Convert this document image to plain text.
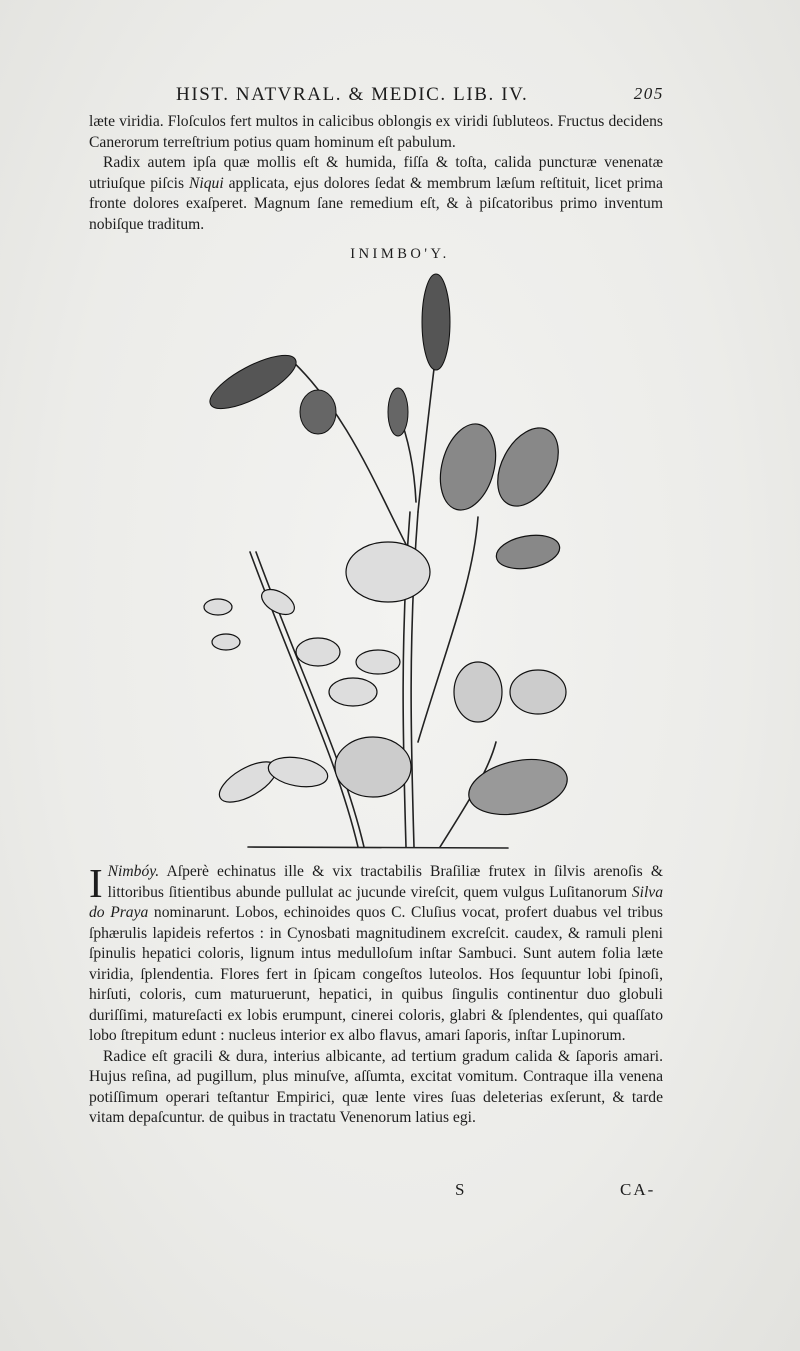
HIST. NATVRAL. & MEDIC. LIB. IV.	205

læte viridia. Floſculos fert multos in calicibus oblongis ex viridi ſubluteos. Fructus decidens Canerorum terreſtrium potius quam hominum eſt pabulum.

Radix autem ipſa quæ mollis eſt & humida, fiſſa & toſta, calida puncturæ venenatæ utriuſque piſcis Niqui applicata, ejus dolores ſedat & membrum læſum reſtituit, licet prima fronte dolores exaſperet. Magnum ſane remedium eſt, & à piſcatoribus primo inventum nobiſque traditum.

INIMBO'Y.

I Nimbóy. Aſperè echinatus ille & vix tractabilis Braſiliæ frutex in ſilvis arenoſis & littoribus ſitientibus abunde pullulat ac jucunde vireſcit, quem vulgus Luſitanorum Silva do Praya nominarunt. Lobos, echinoides quos C. Cluſius vocat, profert duabus vel tribus ſphærulis lapideis refertos : in Cynosbati magnitudinem excreſcit. caudex, & ramuli pleni ſpinulis hepatici coloris, lignum intus medulloſum inſtar Sambuci. Sunt autem folia læte viridia, ſplendentia. Flores fert in ſpicam congeſtos luteolos. Hos ſequuntur lobi ſpinoſi, hirſuti, coloris, cum maturuerunt, hepatici, in quibus ſingulis continentur duo globuli duriſſimi, matureſacti ex lobis erumpunt, cinerei coloris, glabri & ſplendentes, qui quaſſato lobo ſtrepitum edunt : nucleus interior ex albo flavus, amari ſaporis, inſtar Lupinorum.

Radice eſt gracili & dura, interius albicante, ad tertium gradum calida & ſaporis amari. Hujus reſina, ad pugillum, plus minuſve, aſſumta, excitat vomitum. Contraque illa venena potiſſimum operari teſtantur Empirici, quæ lente vires ſuas deleterias exſerunt, & tarde vitam depaſcuntur. de quibus in tractatu Venenorum latius egi.

S	CA-
